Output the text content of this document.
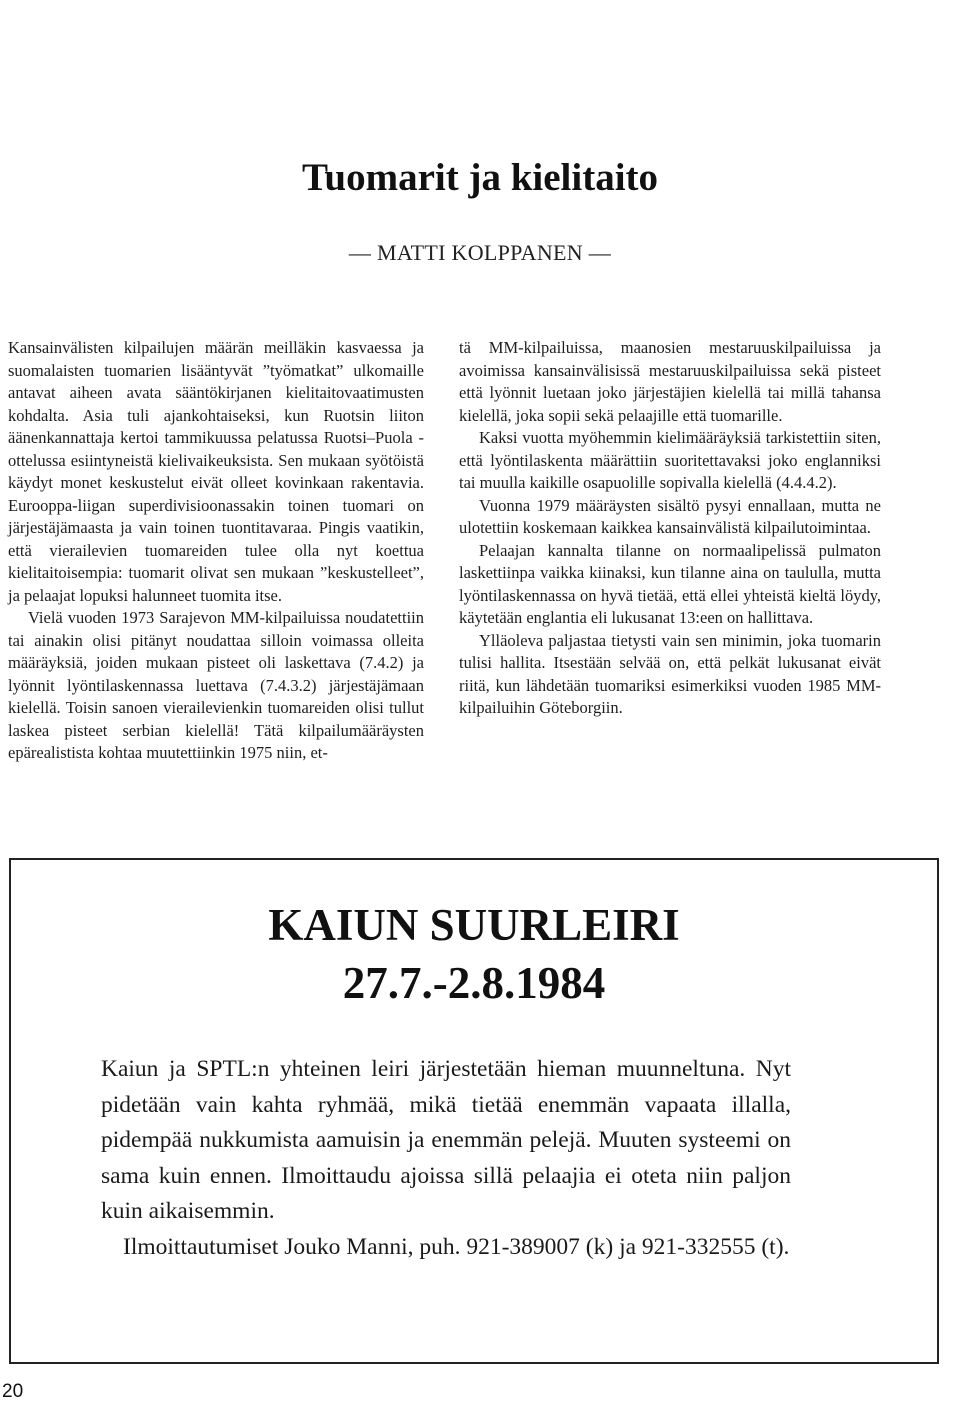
Tuomarit ja kielitaito
— MATTI KOLPPANEN —

Kansainvälisten kilpailujen määrän meilläkin kasvaessa ja suomalaisten tuomarien lisääntyvät ”työmatkat” ulkomaille antavat aiheen avata sääntökirjanen kielitaitovaatimusten kohdalta. Asia tuli ajankohtaiseksi, kun Ruotsin liiton äänenkannattaja kertoi tammikuussa pelatussa Ruotsi–Puola -ottelussa esiintyneistä kielivaikeuksista. Sen mukaan syötöistä käydyt monet keskustelut eivät olleet kovinkaan rakentavia. Eurooppa-liigan superdivisioonassakin toinen tuomari on järjestäjämaasta ja vain toinen tuontitavaraa. Pingis vaatikin, että vierailevien tuomareiden tulee olla nyt koettua kielitaitoisempia: tuomarit olivat sen mukaan ”keskustelleet”, ja pelaajat lopuksi halunneet tuomita itse.

Vielä vuoden 1973 Sarajevon MM-kilpailuissa noudatettiin tai ainakin olisi pitänyt noudattaa silloin voimassa olleita määräyksiä, joiden mukaan pisteet oli laskettava (7.4.2) ja lyönnit lyöntilaskennassa luettava (7.4.3.2) järjestäjämaan kielellä. Toisin sanoen vierailevienkin tuomareiden olisi tullut laskea pisteet serbian kielellä! Tätä kilpailumääräysten epärealistista kohtaa muutettiinkin 1975 niin, et-

tä MM-kilpailuissa, maanosien mestaruuskilpailuissa ja avoimissa kansainvälisissä mestaruuskilpailuissa sekä pisteet että lyönnit luetaan joko järjestäjien kielellä tai millä tahansa kielellä, joka sopii sekä pelaajille että tuomarille.

Kaksi vuotta myöhemmin kielimääräyksiä tarkistettiin siten, että lyöntilaskenta määrättiin suoritettavaksi joko englanniksi tai muulla kaikille osapuolille sopivalla kielellä (4.4.4.2).

Vuonna 1979 määräysten sisältö pysyi ennallaan, mutta ne ulotettiin koskemaan kaikkea kansainvälistä kilpailutoimintaa.

Pelaajan kannalta tilanne on normaalipelissä pulmaton laskettiinpa vaikka kiinaksi, kun tilanne aina on taululla, mutta lyöntilaskennassa on hyvä tietää, että ellei yhteistä kieltä löydy, käytetään englantia eli lukusanat 13:een on hallittava.

Ylläoleva paljastaa tietysti vain sen minimin, joka tuomarin tulisi hallita. Itsestään selvää on, että pelkät lukusanat eivät riitä, kun lähdetään tuomariksi esimerkiksi vuoden 1985 MM-kilpailuihin Göteborgiin.

KAIUN SUURLEIRI
27.7.-2.8.1984

Kaiun ja SPTL:n yhteinen leiri järjestetään hieman muunneltuna. Nyt pidetään vain kahta ryhmää, mikä tietää enemmän vapaata illalla, pidempää nukkumista aamuisin ja enemmän pelejä. Muuten systeemi on sama kuin ennen. Ilmoittaudu ajoissa sillä pelaajia ei oteta niin paljon kuin aikaisemmin.

Ilmoittautumiset Jouko Manni, puh. 921-389007 (k) ja 921-332555 (t).

20
